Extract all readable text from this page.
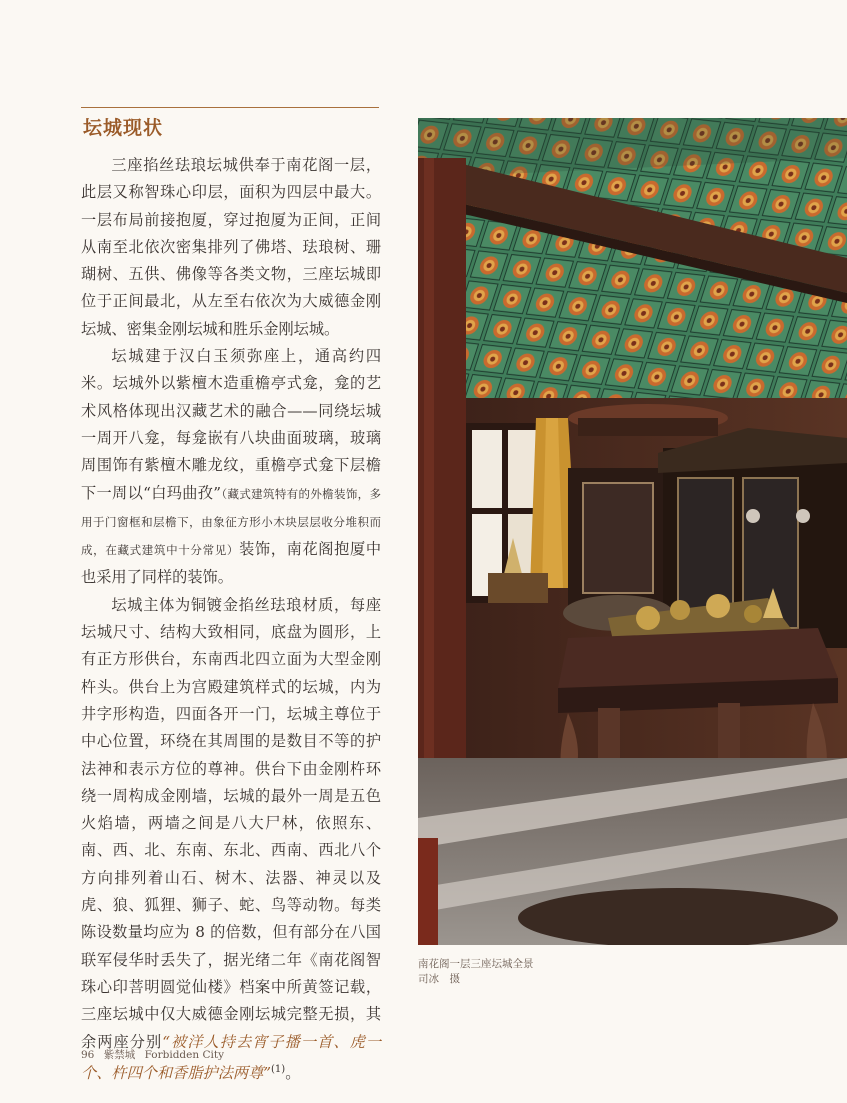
坛城现状

三座掐丝珐琅坛城供奉于南花阁一层，此层又称智珠心印层，面积为四层中最大。一层布局前接抱厦，穿过抱厦为正间，正间从南至北依次密集排列了佛塔、珐琅树、珊瑚树、五供、佛像等各类文物，三座坛城即位于正间最北，从左至右依次为大威德金刚坛城、密集金刚坛城和胜乐金刚坛城。

坛城建于汉白玉须弥座上，通高约四米。坛城外以紫檀木造重檐亭式龛，龛的艺术风格体现出汉藏艺术的融合——同绕坛城一周开八龛，每龛嵌有八块曲面玻璃，玻璃周围饰有紫檀木雕龙纹，重檐亭式龛下层檐下一周以“白玛曲孜”（藏式建筑特有的外檐装饰，多用于门窗框和层檐下，由象征方形小木块层层收分堆积而成，在藏式建筑中十分常见）装饰，南花阁抱厦中也采用了同样的装饰。

坛城主体为铜镀金掐丝珐琅材质，每座坛城尺寸、结构大致相同，底盘为圆形，上有正方形供台，东南西北四立面为大型金刚杵头。供台上为宫殿建筑样式的坛城，内为井字形构造，四面各开一门，坛城主尊位于中心位置，环绕在其周围的是数目不等的护法神和表示方位的尊神。供台下由金刚杵环绕一周构成金刚墙，坛城的最外一周是五色火焰墙，两墙之间是八大尸林，依照东、南、西、北、东南、东北、西南、西北八个方向排列着山石、树木、法器、神灵以及虎、狼、狐狸、狮子、蛇、鸟等动物。每类陈设数量均应为 8 的倍数，但有部分在八国联军侵华时丢失了，据光绪二年《南花阁智珠心印菩明圆觉仙楼》档案中所黄签记载，三座坛城中仅大威德金刚坛城完整无损，其余两座分别“被洋人持去宵子播一首、虎一个、杵四个和香脂护法两尊”$^{(1)}$。

南花阁一层三座坛城全景
司冰　摄
96 紫禁城 Forbidden City
